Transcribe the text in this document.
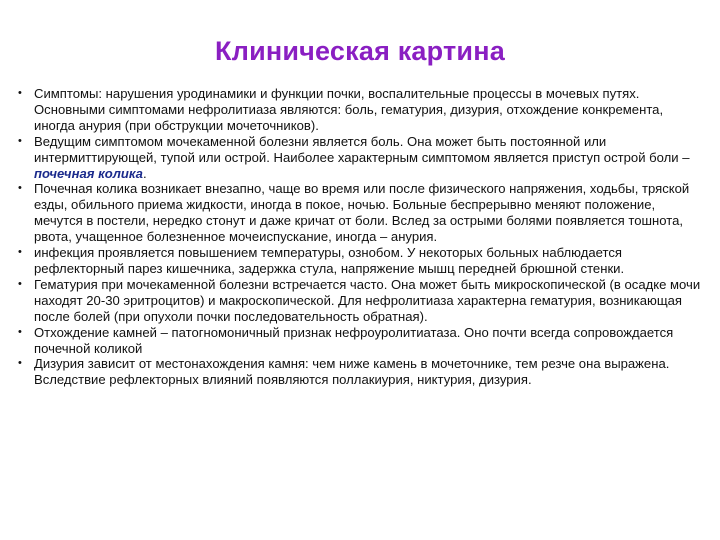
Клиническая картина
• Симптомы: нарушения уродинамики и функции почки, воспалительные процессы в мочевых путях. Основными симптомами нефролитиаза являются: боль, гематурия, дизурия, отхождение конкремента, иногда анурия (при обструкции мочеточников).
• Ведущим симптомом мочекаменной болезни является боль. Она может быть постоянной или интермиттирующей, тупой или острой. Наиболее характерным симптомом является приступ острой боли – почечная колика.
• Почечная колика возникает внезапно, чаще во время или после физического напряжения, ходьбы, тряской езды, обильного приема жидкости, иногда в покое, ночью. Больные беспрерывно меняют положение, мечутся в постели, нередко стонут и даже кричат от боли. Вслед за острыми болями появляется тошнота, рвота, учащенное болезненное мочеиспускание, иногда – анурия.
• инфекция проявляется повышением температуры, ознобом. У некоторых больных наблюдается рефлекторный парез кишечника, задержка стула, напряжение мышц передней брюшной стенки.
• Гематурия при мочекаменной болезни встречается часто. Она может быть микроскопической (в осадке мочи находят 20-30 эритроцитов) и макроскопической. Для нефролитиаза характерна гематурия, возникающая после болей (при опухоли почки последовательность обратная).
• Отхождение камней – патогномоничный признак нефроуролитиатаза. Оно почти всегда сопровождается почечной коликой
• Дизурия зависит от местонахождения камня: чем ниже камень в мочеточнике, тем резче она выражена. Вследствие рефлекторных влияний появляются поллакиурия, никтурия, дизурия.
